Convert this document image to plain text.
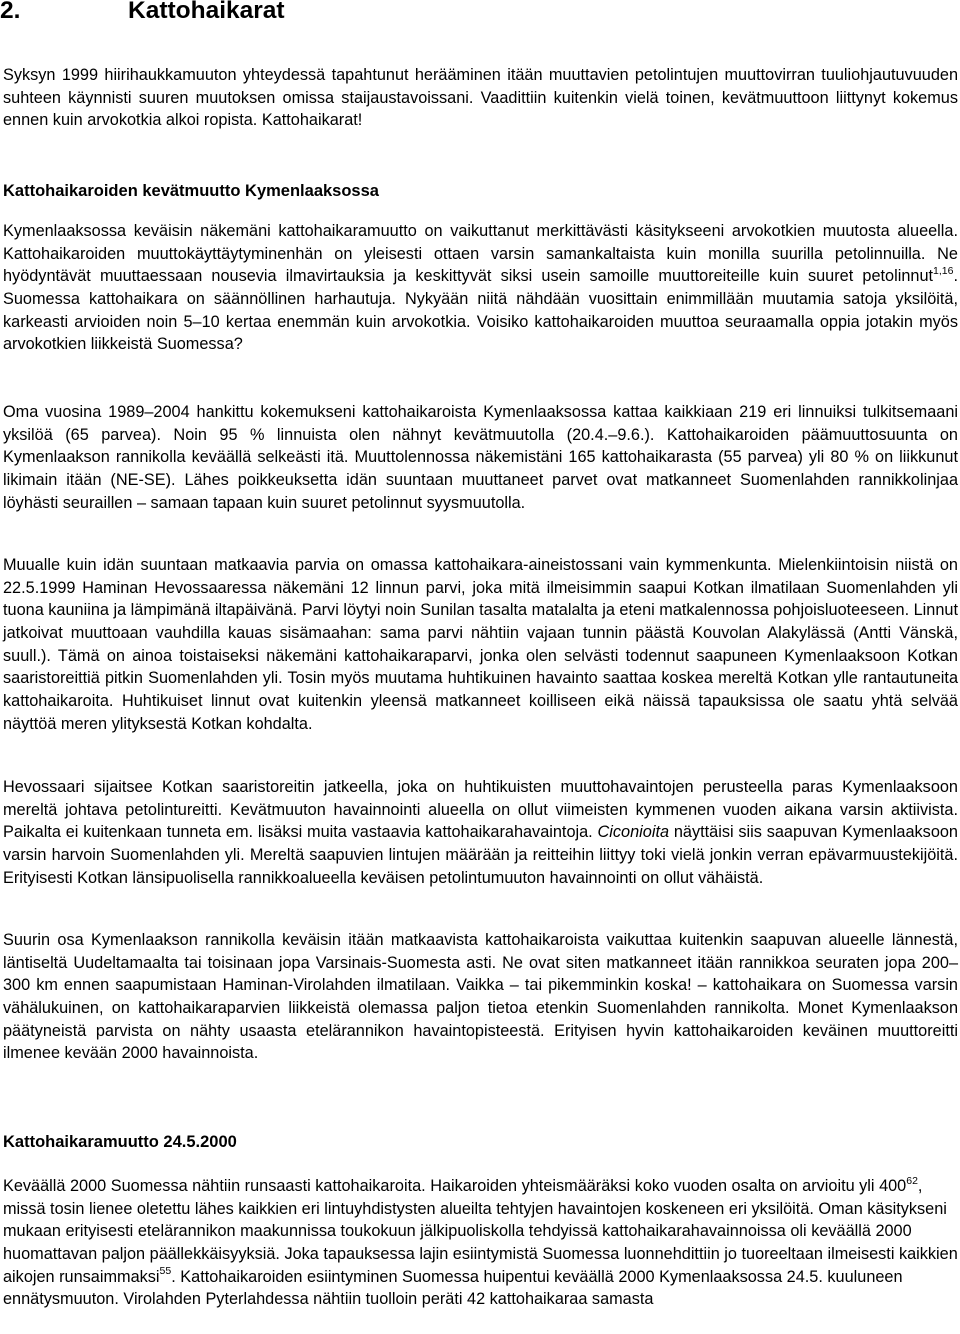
2.	Kattohaikarat

Syksyn 1999 hiirihaukkamuuton yhteydessä tapahtunut herääminen itään muuttavien petolintujen muuttovirran tuuliohjautuvuuden suhteen käynnisti suuren muutoksen omissa staijaustavoissani. Vaadittiin kuitenkin vielä toinen, kevätmuuttoon liittynyt kokemus ennen kuin arvokotkia alkoi ropista. Kattohaikarat!

Kattohaikaroiden kevätmuutto Kymenlaaksossa

Kymenlaaksossa keväisin näkemäni kattohaikaramuutto on vaikuttanut merkittävästi käsitykseeni arvokotkien muutosta alueella. Kattohaikaroiden muuttokäyttäytyminenhän on yleisesti ottaen varsin samankaltaista kuin monilla suurilla petolinnuilla. Ne hyödyntävät muuttaessaan nousevia ilmavirtauksia ja keskittyvät siksi usein samoille muuttoreiteille kuin suuret petolinnut$^{1,16}$. Suomessa kattohaikara on säännöllinen harhautuja. Nykyään niitä nähdään vuosittain enimmillään muutamia satoja yksilöitä, karkeasti arvioiden noin 5–10 kertaa enemmän kuin arvokotkia. Voisiko kattohaikaroiden muuttoa seuraamalla oppia jotakin myös arvokotkien liikkeistä Suomessa?

Oma vuosina 1989–2004 hankittu kokemukseni kattohaikaroista Kymenlaaksossa kattaa kaikkiaan 219 eri linnuiksi tulkitsemaani yksilöä (65 parvea). Noin 95 % linnuista olen nähnyt kevätmuutolla (20.4.–9.6.). Kattohaikaroiden päämuuttosuunta on Kymenlaakson rannikolla keväällä selkeästi itä. Muuttolennossa näkemistäni 165 kattohaikarasta (55 parvea) yli 80 % on liikkunut likimain itään (NE-SE). Lähes poikkeuksetta idän suuntaan muuttaneet parvet ovat matkanneet Suomenlahden rannikkolinjaa löyhästi seuraillen – samaan tapaan kuin suuret petolinnut syysmuutolla.

Muualle kuin idän suuntaan matkaavia parvia on omassa kattohaikara-aineistossani vain kymmenkunta. Mielenkiintoisin niistä on 22.5.1999 Haminan Hevossaaressa näkemäni 12 linnun parvi, joka mitä ilmeisimmin saapui Kotkan ilmatilaan Suomenlahden yli tuona kauniina ja lämpimänä iltapäivänä. Parvi löytyi noin Sunilan tasalta matalalta ja eteni matkalennossa pohjoisluoteeseen. Linnut jatkoivat muuttoaan vauhdilla kauas sisämaahan: sama parvi nähtiin vajaan tunnin päästä Kouvolan Alakylässä (Antti Vänskä, suull.). Tämä on ainoa toistaiseksi näkemäni kattohaikaraparvi, jonka olen selvästi todennut saapuneen Kymenlaaksoon Kotkan saaristoreittiä pitkin Suomenlahden yli. Tosin myös muutama huhtikuinen havainto saattaa koskea mereltä Kotkan ylle rantautuneita kattohaikaroita. Huhtikuiset linnut ovat kuitenkin yleensä matkanneet koilliseen eikä näissä tapauksissa ole saatu yhtä selvää näyttöä meren ylityksestä Kotkan kohdalta.

Hevossaari sijaitsee Kotkan saaristoreitin jatkeella, joka on huhtikuisten muuttohavaintojen perusteella paras Kymenlaaksoon mereltä johtava petolintureitti. Kevätmuuton havainnointi alueella on ollut viimeisten kymmenen vuoden aikana varsin aktiivista. Paikalta ei kuitenkaan tunneta em. lisäksi muita vastaavia kattohaikarahavaintoja. Ciconioita näyttäisi siis saapuvan Kymenlaaksoon varsin harvoin Suomenlahden yli. Mereltä saapuvien lintujen määrään ja reitteihin liittyy toki vielä jonkin verran epävarmuustekijöitä. Erityisesti Kotkan länsipuolisella rannikkoalueella keväisen petolintumuuton havainnointi on ollut vähäistä.

Suurin osa Kymenlaakson rannikolla keväisin itään matkaavista kattohaikaroista vaikuttaa kuitenkin saapuvan alueelle lännestä, läntiseltä Uudeltamaalta tai toisinaan jopa Varsinais-Suomesta asti. Ne ovat siten matkanneet itään rannikkoa seuraten jopa 200–300 km ennen saapumistaan Haminan-Virolahden ilmatilaan. Vaikka – tai pikemminkin koska! – kattohaikara on Suomessa varsin vähälukuinen, on kattohaikaraparvien liikkeistä olemassa paljon tietoa etenkin Suomenlahden rannikolta. Monet Kymenlaakson päätyneistä parvista on nähty usaasta etelärannikon havaintopisteestä. Erityisen hyvin kattohaikaroiden keväinen muuttoreitti ilmenee kevään 2000 havainnoista.

Kattohaikaramuutto 24.5.2000

Keväällä 2000 Suomessa nähtiin runsaasti kattohaikaroita. Haikaroiden yhteismääräksi koko vuoden osalta on arvioitu yli $400^{62}$, missä tosin lienee oletettu lähes kaikkien eri lintuyhdistysten alueilta tehtyjen havaintojen koskeneen eri yksilöitä. Oman käsitykseni mukaan erityisesti etelärannikon maakunnissa toukokuun jälkipuoliskolla tehdyissä kattohaikarahavainnoissa oli keväällä 2000 huomattavan paljon päällekkäisyyksiä. Joka tapauksessa lajin esiintymistä Suomessa luonnehdittiin jo tuoreeltaan ilmeisesti kaikkien aikojen runsaimmaksi$^{55}$. Kattohaikaroiden esiintyminen Suomessa huipentui keväällä 2000 Kymenlaaksossa 24.5. kuuluneen ennätysmuuton. Virolahden Pyterlahdessa nähtiin tuolloin peräti 42 kattohaikaraa samasta
